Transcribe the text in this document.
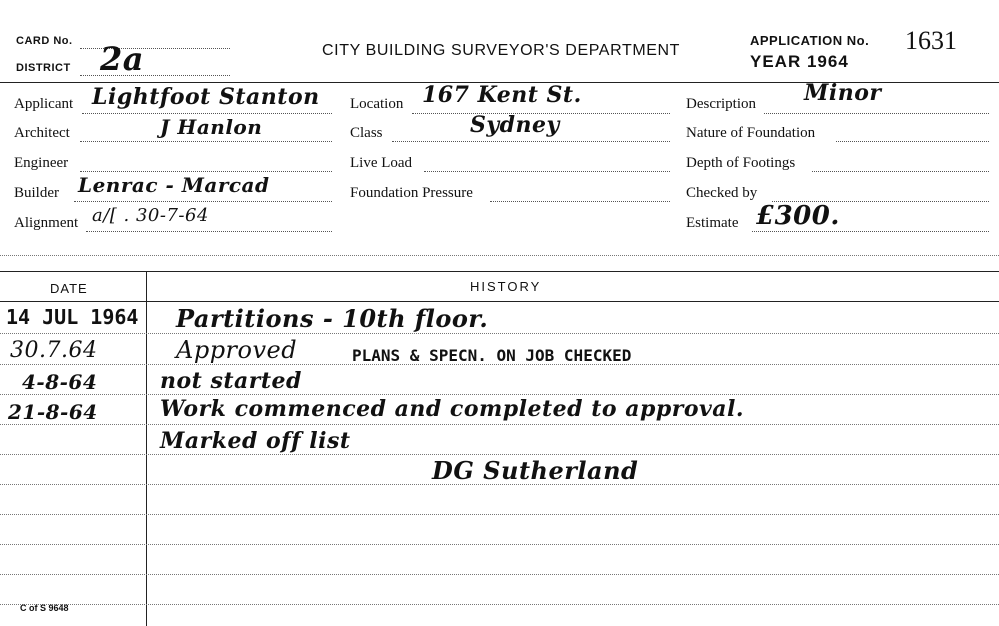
CARD No.
DISTRICT 2a	CITY BUILDING SURVEYOR'S DEPARTMENT
APPLICATION No. 1631
YEAR 1964
Applicant Lightfoot Stanton
Architect	J Hanlon
Engineer
Builder Lenrac - Marcad
Alignment a/[ . 30-7-64
Location 167 Kent St.
Class	Sydney
Live Load
Foundation Pressure
Description Minor
Nature of Foundation
Depth of Footings
Checked by
Estimate £300.
DATE	HISTORY
14 JUL 1964 Partitions - 10th floor.
30.7.64	Approved	PLANS & SPECN. ON JOB CHECKED
4-8-64	not started
21-8-64	Work commenced and completed to approval.
Marked off list
DG Sutherland
C of S 9648
